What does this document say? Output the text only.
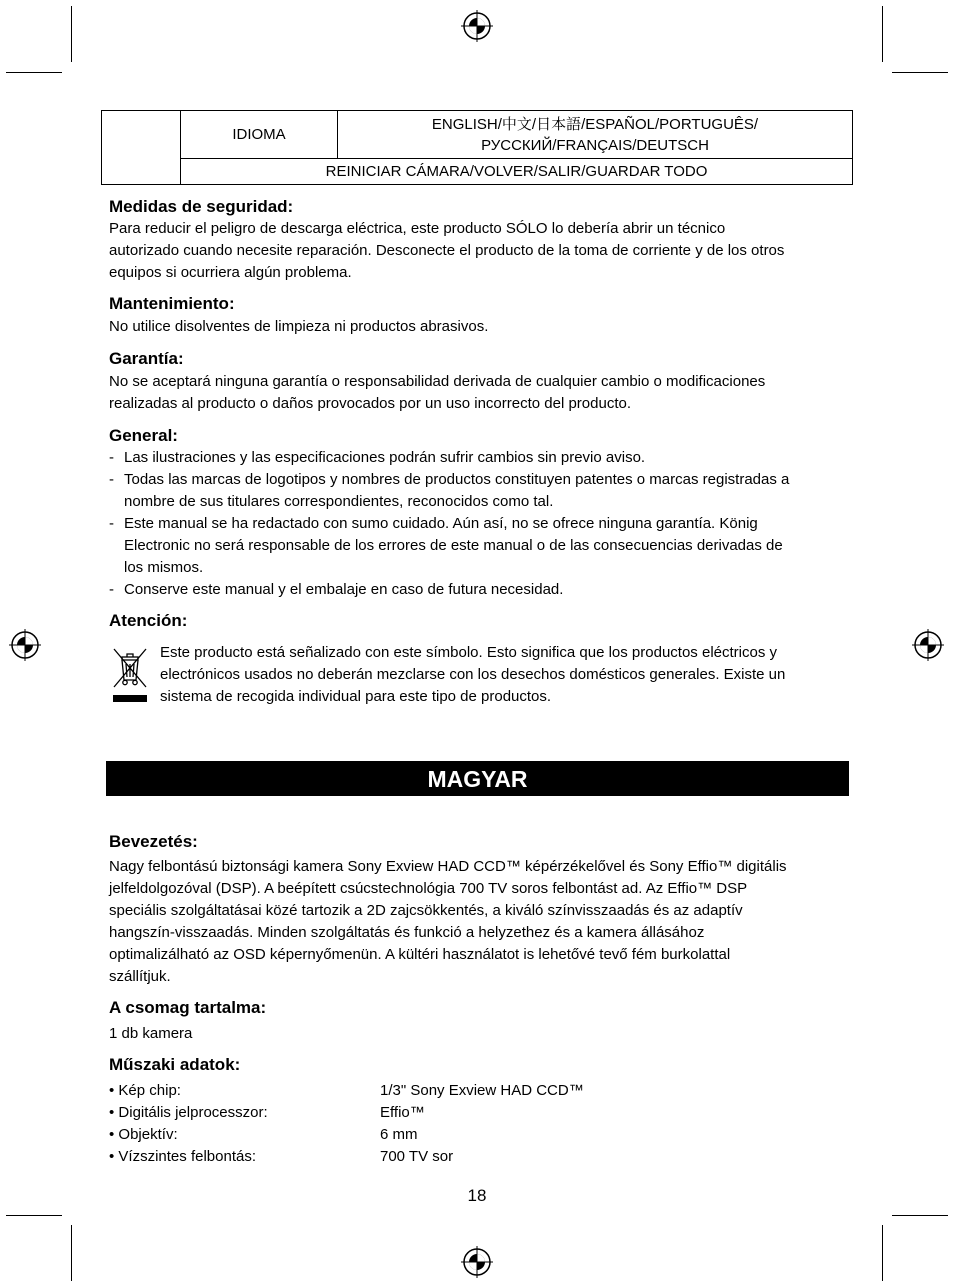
	IDIOMA	ENGLISH/中文/日本語/ESPAÑOL/PORTUGUÊS/
РУССКИЙ/FRANÇAIS/DEUTSCH
REINICIAR CÁMARA/VOLVER/SALIR/GUARDAR TODO
Medidas de seguridad:

Para reducir el peligro de descarga eléctrica, este producto SÓLO lo debería abrir un técnico
autorizado cuando necesite reparación. Desconecte el producto de la toma de corriente y de los otros
equipos si ocurriera algún problema.

Mantenimiento:

No utilice disolventes de limpieza ni productos abrasivos.

Garantía:

No se aceptará ninguna garantía o responsabilidad derivada de cualquier cambio o modificaciones
realizadas al producto o daños provocados por un uso incorrecto del producto.

General:
- Las ilustraciones y las especificaciones podrán sufrir cambios sin previo aviso.
- Todas las marcas de logotipos y nombres de productos constituyen patentes o marcas registradas a
nombre de sus titulares correspondientes, reconocidos como tal.
- Este manual se ha redactado con sumo cuidado. Aún así, no se ofrece ninguna garantía. König
Electronic no será responsable de los errores de este manual o de las consecuencias derivadas de
los mismos.
- Conserve este manual y el embalaje en caso de futura necesidad.
Atención:

Este producto está señalizado con este símbolo. Esto significa que los productos eléctricos y
electrónicos usados no deberán mezclarse con los desechos domésticos generales. Existe un
sistema de recogida individual para este tipo de productos.

MAGYAR
Bevezetés:

Nagy felbontású biztonsági kamera Sony Exview HAD CCD™ képérzékelővel és Sony Effio™ digitális
jelfeldolgozóval (DSP). A beépített csúcstechnológia 700 TV soros felbontást ad. Az Effio™ DSP
speciális szolgáltatásai közé tartozik a 2D zajcsökkentés, a kiváló színvisszaadás és az adaptív
hangszín-visszaadás. Minden szolgáltatás és funkció a helyzethez és a kamera állásához
optimalizálható az OSD képernyőmenün. A kültéri használatot is lehetővé tevő fém burkolattal
szállítjuk.

A csomag tartalma:

1 db kamera

Műszaki adatok:
• Kép chip:	1/3" Sony Exview HAD CCD™
• Digitális jelprocesszor:	Effio™
• Objektív:	6 mm
• Vízszintes felbontás:	700 TV sor
18
